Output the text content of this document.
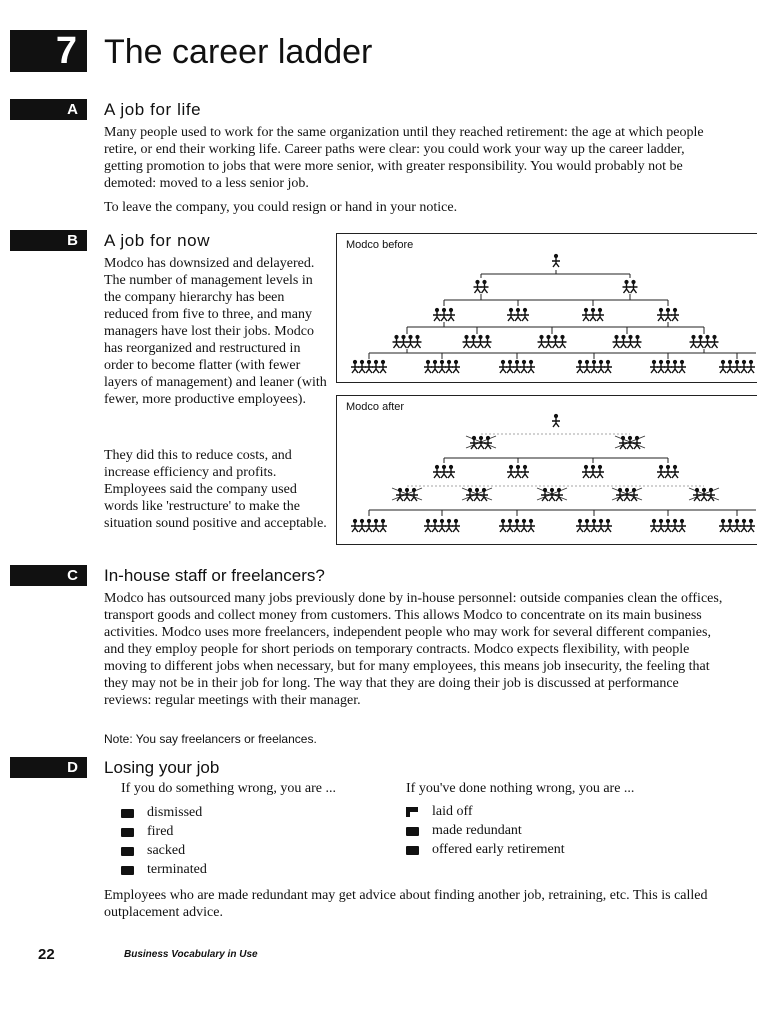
7 The career ladder
A	A job for life

Many people used to work for the same organization until they reached retirement: the age at which people retire, or end their working life. Career paths were clear: you could work your way up the career ladder, getting promotion to jobs that were more senior, with greater responsibility. You would probably not be demoted: moved to a less senior job.

To leave the company, you could resign or hand in your notice.

B	A job for now

Modco has downsized and delayered. The number of management levels in the company hierarchy has been reduced from five to three, and many managers have lost their jobs. Modco has reorganized and restructured in order to become flatter (with fewer layers of management) and leaner (with fewer, more productive employees).

They did this to reduce costs, and increase efficiency and profits. Employees said the company used words like 'restructure' to make the situation sound positive and acceptable.

Modco before
Modco after
C	In-house staff or freelancers?

Modco has outsourced many jobs previously done by in-house personnel: outside companies clean the offices, transport goods and collect money from customers. This allows Modco to concentrate on its main business activities. Modco uses more freelancers, independent people who may work for several different companies, and they employ people for short periods on temporary contracts. Modco expects flexibility, with people moving to different jobs when necessary, but for many employees, this means job insecurity, the feeling that they may not be in their job for long. The way that they are doing their job is discussed at performance reviews: regular meetings with their manager.

Note: You say freelancers or freelances.
D	Losing your job
If you do something wrong, you are ...
dismissed
fired
sacked
terminated
If you've done nothing wrong, you are ...
laid off
made redundant
offered early retirement

Employees who are made redundant may get advice about finding another job, retraining, etc. This is called outplacement advice.

22	Business Vocabulary in Use
